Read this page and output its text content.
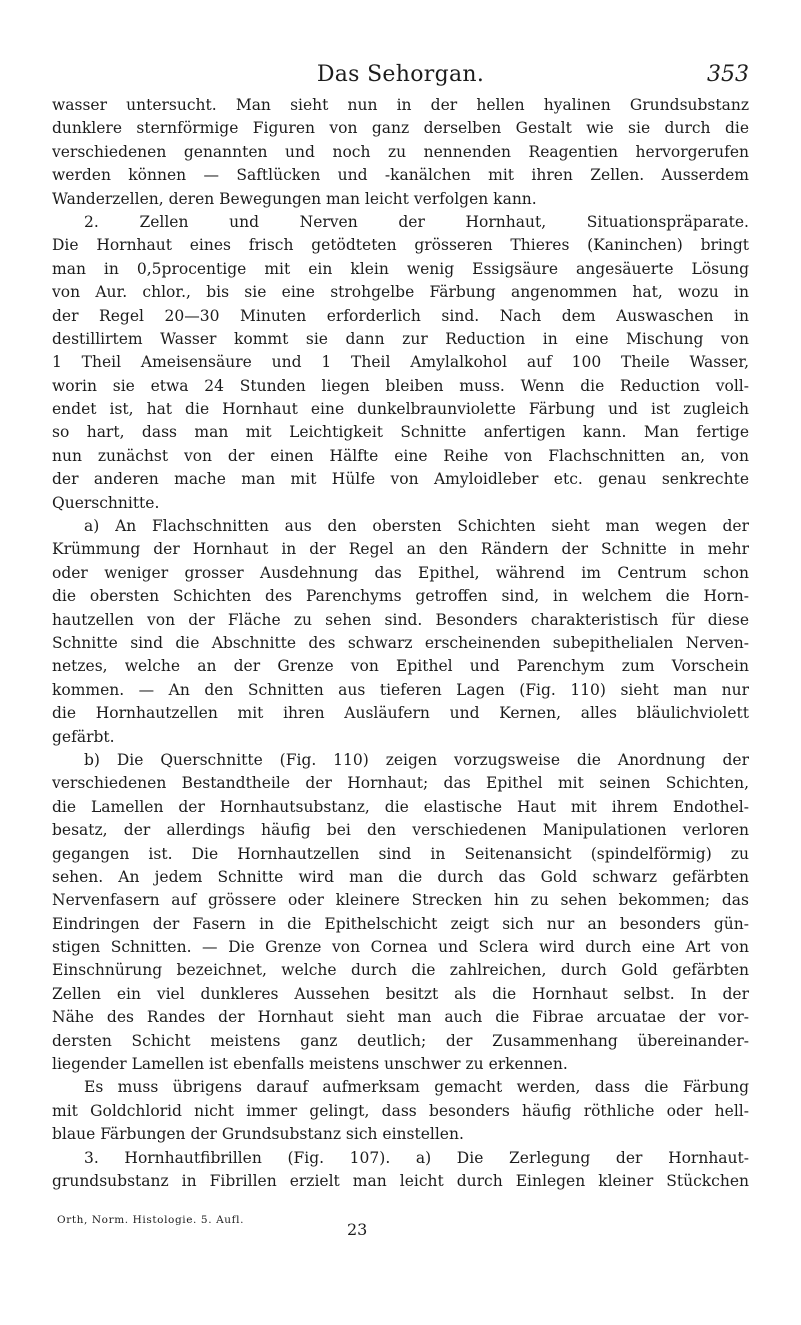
Das Sehorgan.	353
wasser untersucht. Man sieht nun in der hellen hyalinen Grundsubstanz
dunklere sternförmige Figuren von ganz derselben Gestalt wie sie durch die
verschiedenen genannten und noch zu nennenden Reagentien hervorgerufen
werden können — Saftlücken und -kanälchen mit ihren Zellen. Ausserdem
Wanderzellen, deren Bewegungen man leicht verfolgen kann.
2. Zellen und Nerven der Hornhaut, Situationspräparate.
Die Hornhaut eines frisch getödteten grösseren Thieres (Kaninchen) bringt
man in 0,5procentige mit ein klein wenig Essigsäure angesäuerte Lösung
von Aur. chlor., bis sie eine strohgelbe Färbung angenommen hat, wozu in
der Regel 20—30 Minuten erforderlich sind. Nach dem Auswaschen in
destillirtem Wasser kommt sie dann zur Reduction in eine Mischung von
1 Theil Ameisensäure und 1 Theil Amylalkohol auf 100 Theile Wasser,
worin sie etwa 24 Stunden liegen bleiben muss. Wenn die Reduction voll-
endet ist, hat die Hornhaut eine dunkelbraunviolette Färbung und ist zugleich
so hart, dass man mit Leichtigkeit Schnitte anfertigen kann. Man fertige
nun zunächst von der einen Hälfte eine Reihe von Flachschnitten an, von
der anderen mache man mit Hülfe von Amyloidleber etc. genau senkrechte
Querschnitte.
a) An Flachschnitten aus den obersten Schichten sieht man wegen der
Krümmung der Hornhaut in der Regel an den Rändern der Schnitte in mehr
oder weniger grosser Ausdehnung das Epithel, während im Centrum schon
die obersten Schichten des Parenchyms getroffen sind, in welchem die Horn-
hautzellen von der Fläche zu sehen sind. Besonders charakteristisch für diese
Schnitte sind die Abschnitte des schwarz erscheinenden subepithelialen Nerven-
netzes, welche an der Grenze von Epithel und Parenchym zum Vorschein
kommen. — An den Schnitten aus tieferen Lagen (Fig. 110) sieht man nur
die Hornhautzellen mit ihren Ausläufern und Kernen, alles bläulichviolett
gefärbt.
b) Die Querschnitte (Fig. 110) zeigen vorzugsweise die Anordnung der
verschiedenen Bestandtheile der Hornhaut; das Epithel mit seinen Schichten,
die Lamellen der Hornhautsubstanz, die elastische Haut mit ihrem Endothel-
besatz, der allerdings häufig bei den verschiedenen Manipulationen verloren
gegangen ist. Die Hornhautzellen sind in Seitenansicht (spindelförmig) zu
sehen. An jedem Schnitte wird man die durch das Gold schwarz gefärbten
Nervenfasern auf grössere oder kleinere Strecken hin zu sehen bekommen; das
Eindringen der Fasern in die Epithelschicht zeigt sich nur an besonders gün-
stigen Schnitten. — Die Grenze von Cornea und Sclera wird durch eine Art von
Einschnürung bezeichnet, welche durch die zahlreichen, durch Gold gefärbten
Zellen ein viel dunkleres Aussehen besitzt als die Hornhaut selbst. In der
Nähe des Randes der Hornhaut sieht man auch die Fibrae arcuatae der vor-
dersten Schicht meistens ganz deutlich; der Zusammenhang übereinander-
liegender Lamellen ist ebenfalls meistens unschwer zu erkennen.
Es muss übrigens darauf aufmerksam gemacht werden, dass die Färbung
mit Goldchlorid nicht immer gelingt, dass besonders häufig röthliche oder hell-
blaue Färbungen der Grundsubstanz sich einstellen.
3. Hornhautfibrillen (Fig. 107). a) Die Zerlegung der Hornhaut-
grundsubstanz in Fibrillen erzielt man leicht durch Einlegen kleiner Stückchen
Orth, Norm. Histologie. 5. Aufl.	23
